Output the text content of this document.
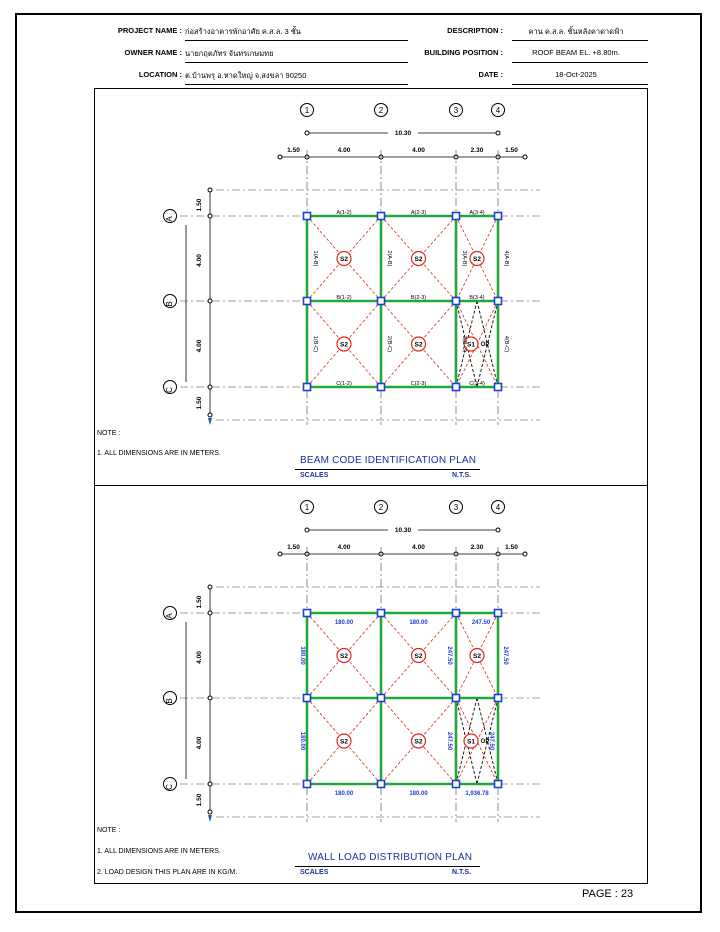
PROJECT NAME : ก่อสร้างอาคารพักอาศัย ค.ส.ล. 3 ชั้น
OWNER NAME : นายกฤตภัทร จันทรเกษมทย
LOCATION : ต.บ้านพรุ อ.หาดใหญ่ จ.สงขลา 90250
DESCRIPTION :	คาน ค.ส.ล. ชั้นหลังคาดาดฟ้า
BUILDING POSITION :	ROOF BEAM EL. +8.80m.
DATE :	18-Oct-2025
1	2	3	4
A
B
C
10.30
1.50	4.00	4.00	2.30	1.50
1.50
4.00
4.00
1.50
S2	S2	S2
S2	S2	S1 OP
A(1-2)	A(2-3)	A(3-4)
B(1-2)	B(2-3)	B(3-4)
C(1-2)	C(2-3)	C(3-4)
1(A-B)	2(A-B)	3(A-B)	4(A-B)
1(B-C)	2(B-C)	3(B-C)	4(B-C)
1	2	3	4
A
B
C
10.30
1.50	4.00	4.00	2.30	1.50
1.50
4.00
4.00
1.50
S2	S2	S2
S2	S2	S1 OP
180.00	180.00	247.50
180.00	180.00	1,936.78
180.00
180.00
247.50	247.50
247.50	247.50
NOTE :
1. ALL DIMENSIONS ARE IN METERS.
BEAM CODE IDENTIFICATION PLAN
SCALES	N.T.S.
NOTE :
1. ALL DIMENSIONS ARE IN METERS.
2. LOAD DESIGN THIS PLAN ARE IN KG/M.
WALL LOAD DISTRIBUTION PLAN
SCALES	N.T.S.
PAGE : 23
